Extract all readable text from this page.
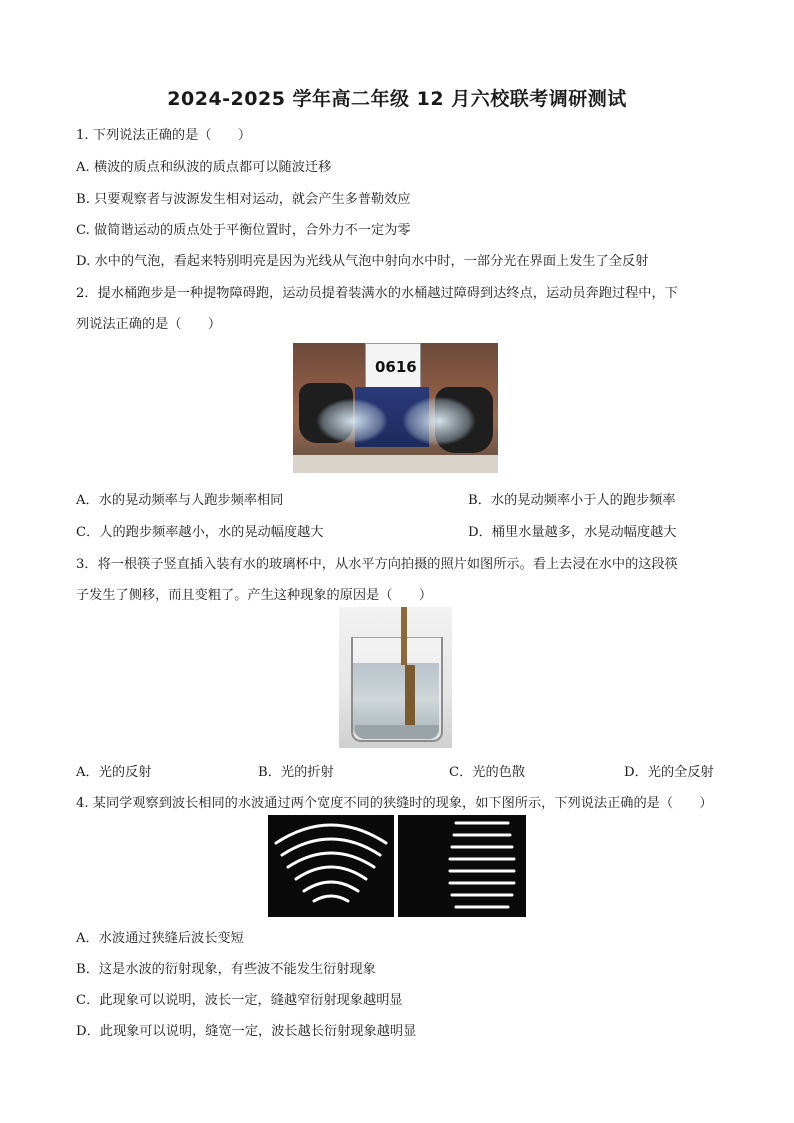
2024-2025 学年高二年级 12 月六校联考调研测试
1. 下列说法正确的是（　　）
A. 横波的质点和纵波的质点都可以随波迁移
B. 只要观察者与波源发生相对运动，就会产生多普勒效应
C. 做简谐运动的质点处于平衡位置时，合外力不一定为零
D. 水中的气泡，看起来特别明亮是因为光线从气泡中射向水中时，一部分光在界面上发生了全反射
2．提水桶跑步是一种提物障碍跑，运动员提着装满水的水桶越过障碍到达终点，运动员奔跑过程中，下
列说法正确的是（　　）
0616
A．水的晃动频率与人跑步频率相同	B．水的晃动频率小于人的跑步频率
C．人的跑步频率越小，水的晃动幅度越大	D．桶里水量越多，水晃动幅度越大
3．将一根筷子竖直插入装有水的玻璃杯中，从水平方向拍摄的照片如图所示。看上去浸在水中的这段筷
子发生了侧移，而且变粗了。产生这种现象的原因是（　　）
A．光的反射	B．光的折射	C．光的色散	D．光的全反射
4. 某同学观察到波长相同的水波通过两个宽度不同的狭缝时的现象，如下图所示，下列说法正确的是（　　）
A．水波通过狭缝后波长变短
B．这是水波的衍射现象，有些波不能发生衍射现象
C．此现象可以说明，波长一定，缝越窄衍射现象越明显
D．此现象可以说明，缝宽一定，波长越长衍射现象越明显
